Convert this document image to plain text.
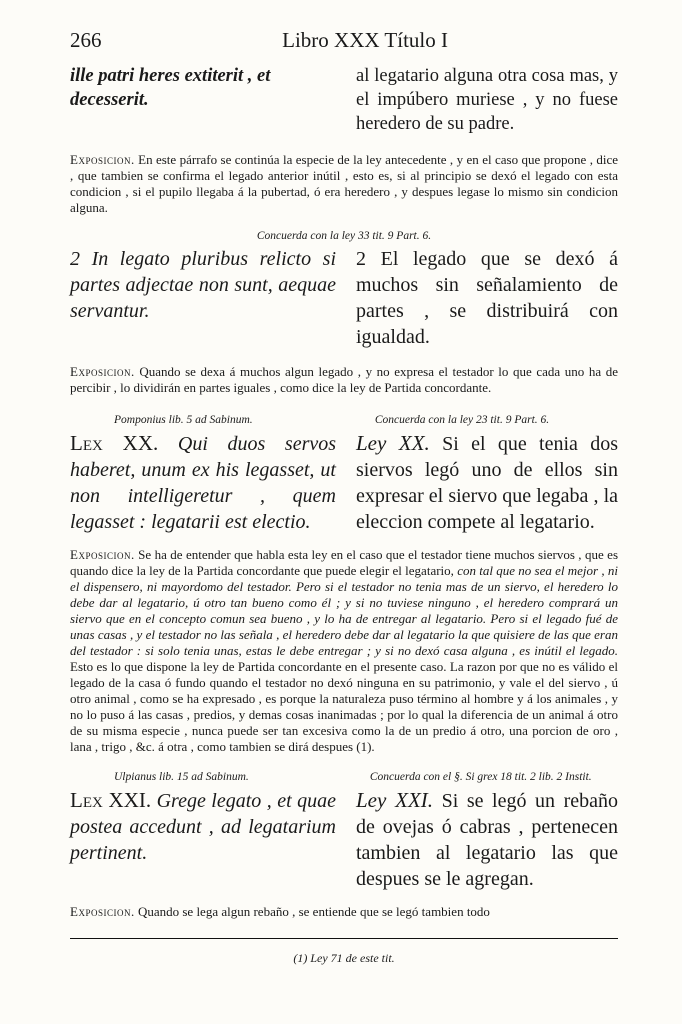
266	Libro XXX Título I
ille patri heres extiterit , et decesserit.
al legatario alguna otra cosa mas, y el impúbero muriese , y no fuese heredero de su padre.

Exposicion. En este párrafo se continúa la especie de la ley antecedente , y en el caso que propone , dice , que tambien se confirma el legado anterior inútil , esto es, si al principio se dexó el legado con esta condicion , si el pupilo llegaba á la pubertad, ó era heredero , y despues legase lo mismo sin condicion alguna.

Concuerda con la ley 33 tit. 9 Part. 6.
2 In legato pluribus relicto si partes adjectae non sunt, aequae servantur.
2 El legado que se dexó á muchos sin señalamiento de partes , se distribuirá con igualdad.

Exposicion. Quando se dexa á muchos algun legado , y no expresa el testador lo que cada uno ha de percibir , lo dividirán en partes iguales , como dice la ley de Partida concordante.

Pomponius lib. 5 ad Sabinum.	Concuerda con la ley 23 tit. 9 Part. 6.
Lex XX. Qui duos servos haberet, unum ex his legasset, ut non intelligeretur , quem legasset : legatarii est electio.
Ley XX. Si el que tenia dos siervos legó uno de ellos sin expresar el siervo que legaba , la eleccion compete al legatario.

Exposicion. Se ha de entender que habla esta ley en el caso que el testador tiene muchos siervos , que es quando dice la ley de la Partida concordante que puede elegir el legatario, con tal que no sea el mejor , ni el dispensero, ni mayordomo del testador. Pero si el testador no tenia mas de un siervo, el heredero lo debe dar al legatario, ú otro tan bueno como él ; y si no tuviese ninguno , el heredero comprará un siervo que en el concepto comun sea bueno , y lo ha de entregar al legatario. Pero si el legado fué de unas casas , y el testador no las señala , el heredero debe dar al legatario la que quisiere de las que eran del testador : si solo tenia unas, estas le debe entregar ; y si no dexó casa alguna , es inútil el legado. Esto es lo que dispone la ley de Partida concordante en el presente caso. La razon por que no es válido el legado de la casa ó fundo quando el testador no dexó ninguna en su patrimonio, y vale el del siervo , ú otro animal , como se ha expresado , es porque la naturaleza puso término al hombre y á los animales , y no lo puso á las casas , predios, y demas cosas inanimadas ; por lo qual la diferencia de un animal á otro de su misma especie , nunca puede ser tan excesiva como la de un predio á otro, una porcion de oro , lana , trigo , &c. á otra , como tambien se dirá despues (1).

Ulpianus lib. 15 ad Sabinum.	Concuerda con el §. Si grex 18 tit. 2 lib. 2 Instit.
Lex XXI. Grege legato , et quae postea accedunt , ad legatarium pertinent.
Ley XXI. Si se legó un rebaño de ovejas ó cabras , pertenecen tambien al legatario las que despues se le agregan.

Exposicion. Quando se lega algun rebaño , se entiende que se legó tambien todo

(1) Ley 71 de este tit.
